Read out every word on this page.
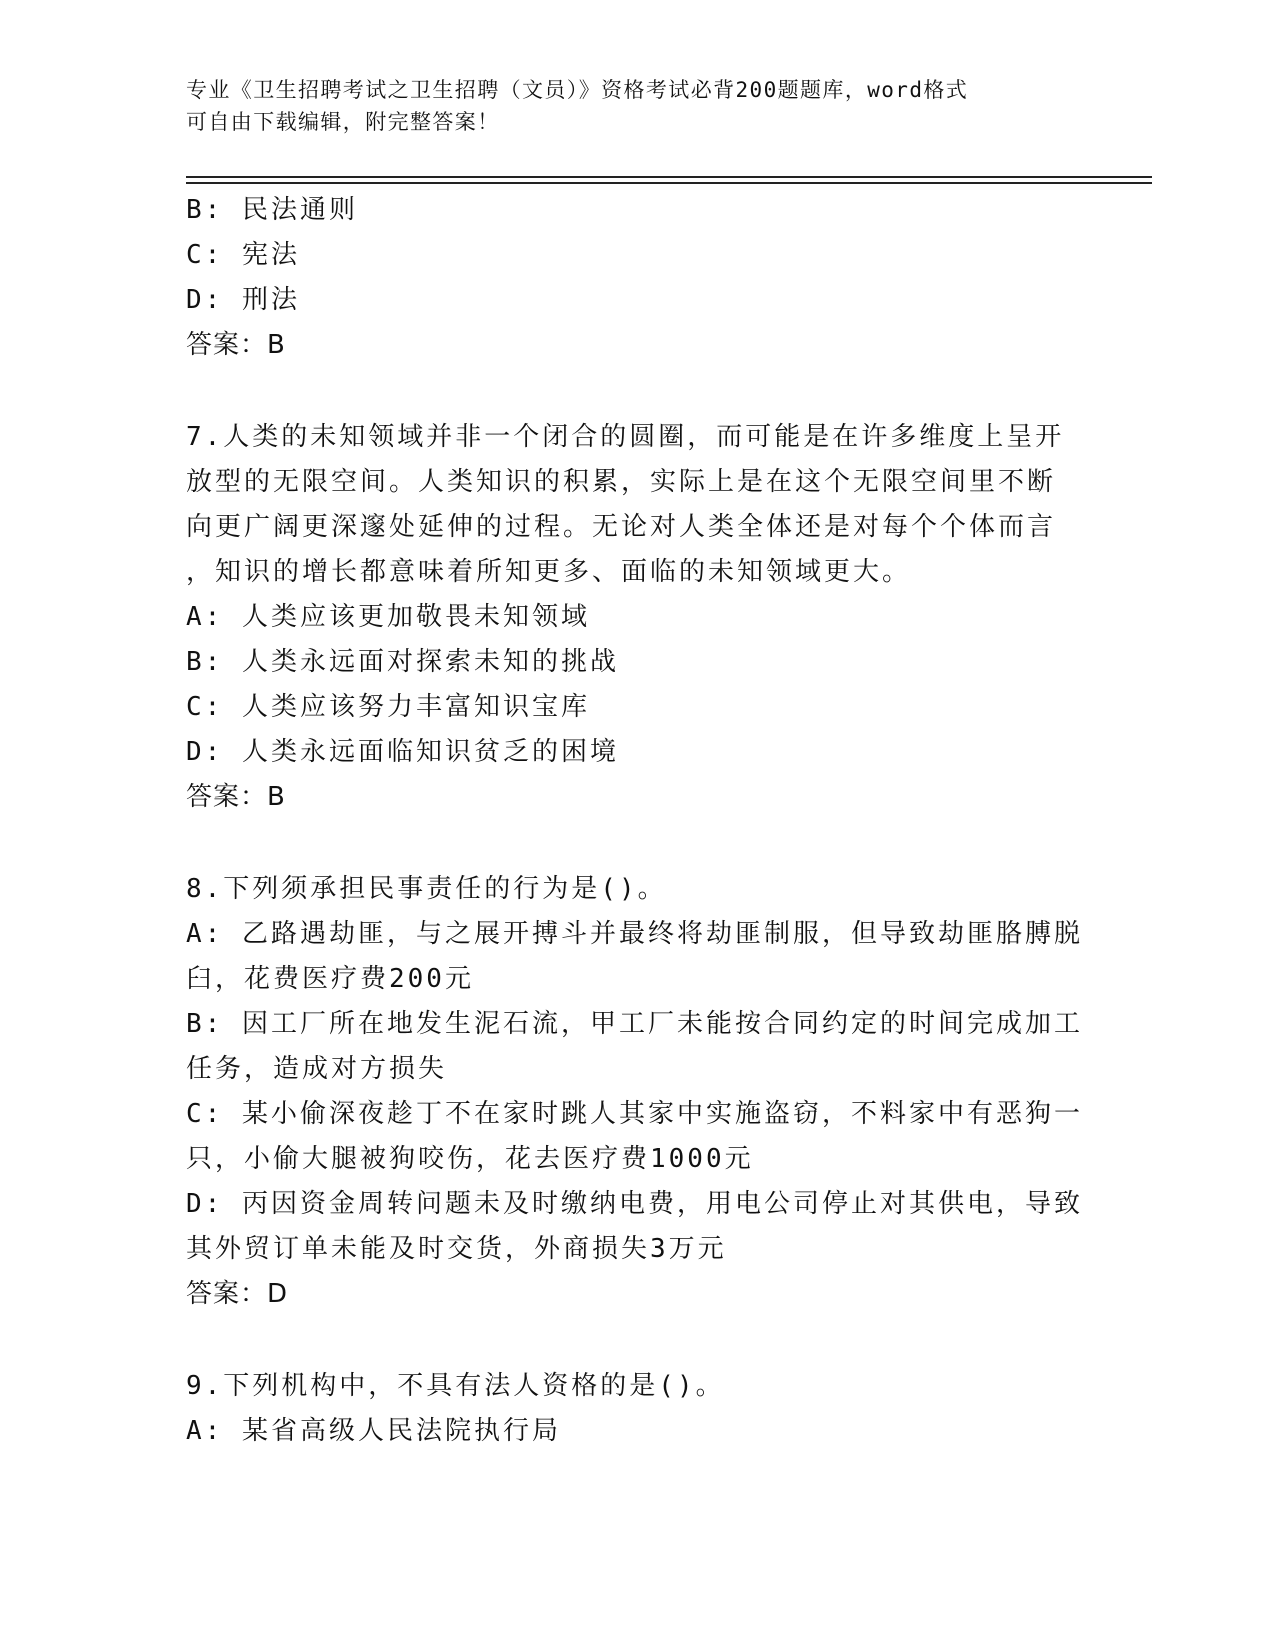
专业《卫生招聘考试之卫生招聘（文员）》资格考试必背200题题库，word格式
可自由下载编辑，附完整答案！

B: 民法通则

C: 宪法

D: 刑法

答案：B

7.人类的未知领域并非一个闭合的圆圈，而可能是在许多维度上呈开

放型的无限空间。人类知识的积累，实际上是在这个无限空间里不断

向更广阔更深邃处延伸的过程。无论对人类全体还是对每个个体而言

，知识的增长都意味着所知更多、面临的未知领域更大。

A: 人类应该更加敬畏未知领域

B: 人类永远面对探索未知的挑战

C: 人类应该努力丰富知识宝库

D: 人类永远面临知识贫乏的困境

答案：B

8.下列须承担民事责任的行为是()。

A: 乙路遇劫匪，与之展开搏斗并最终将劫匪制服，但导致劫匪胳膊脱

臼，花费医疗费200元

B: 因工厂所在地发生泥石流，甲工厂未能按合同约定的时间完成加工

任务，造成对方损失

C: 某小偷深夜趁丁不在家时跳人其家中实施盗窃，不料家中有恶狗一

只，小偷大腿被狗咬伤，花去医疗费1000元

D: 丙因资金周转问题未及时缴纳电费，用电公司停止对其供电，导致

其外贸订单未能及时交货，外商损失3万元

答案：D

9.下列机构中，不具有法人资格的是()。

A: 某省高级人民法院执行局
